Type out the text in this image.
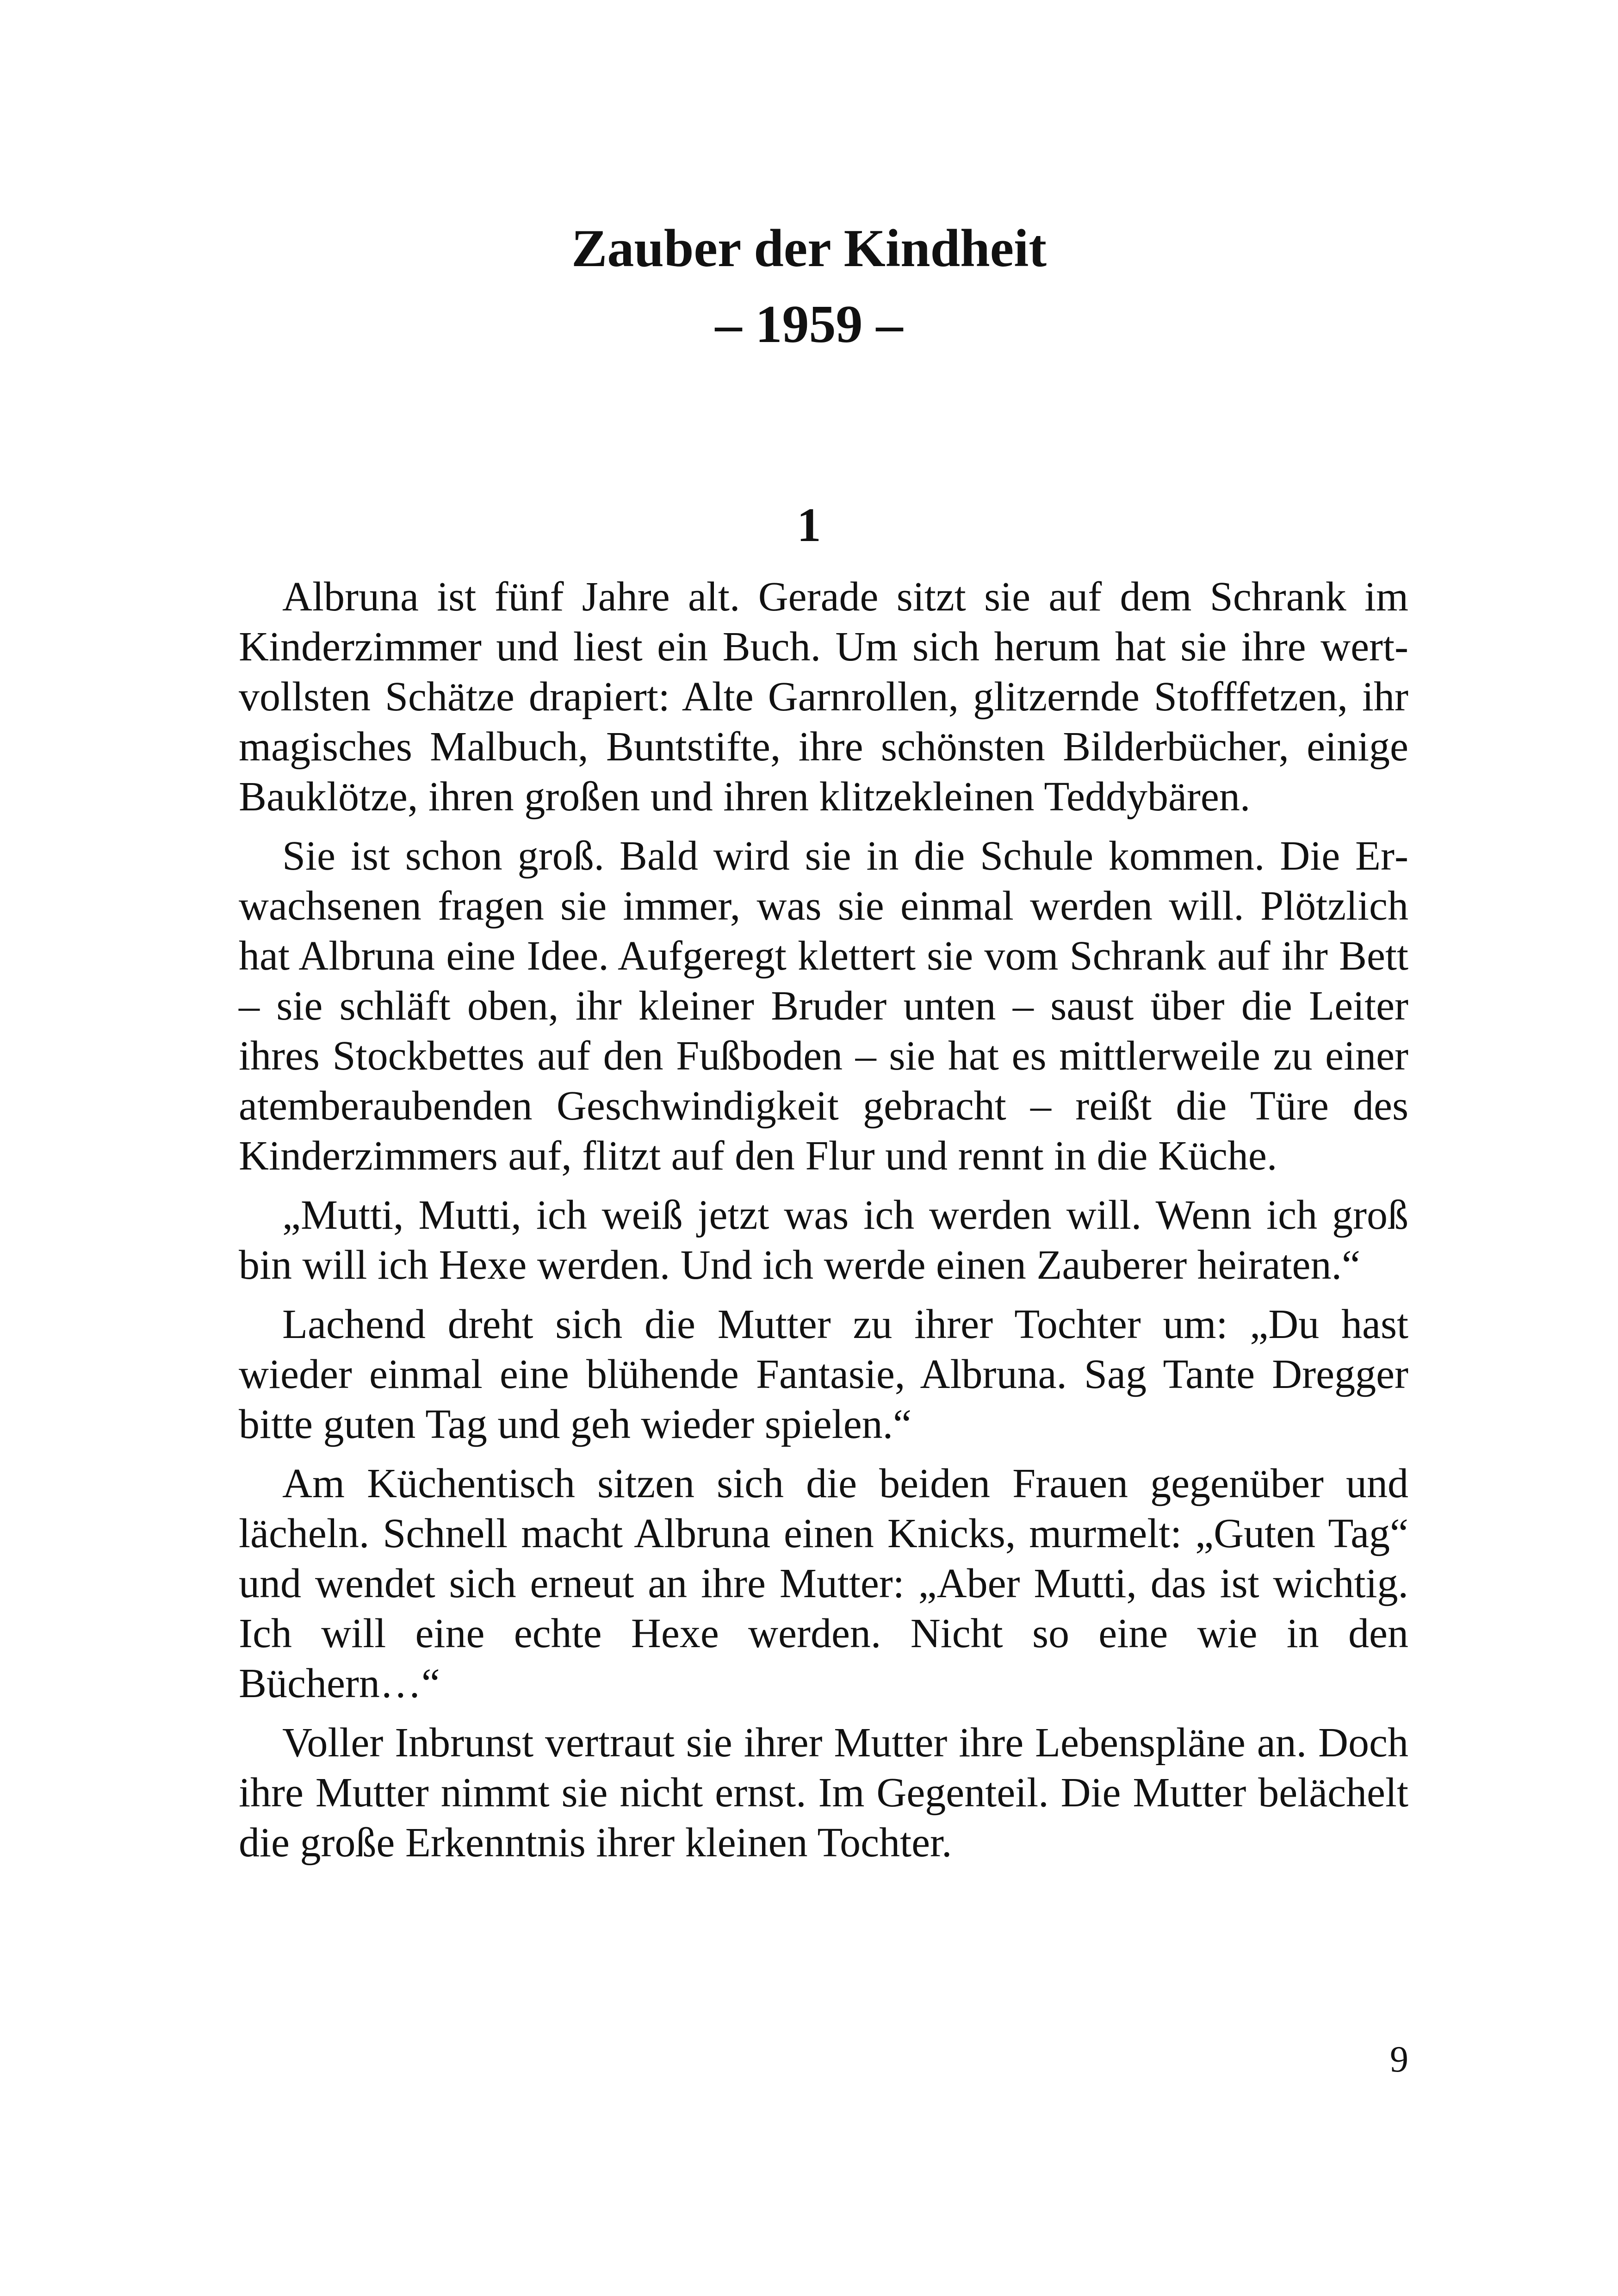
Zauber der Kindheit
– 1959 –
1

Albruna ist fünf Jahre alt. Gerade sitzt sie auf dem Schrank im Kinderzimmer und liest ein Buch. Um sich herum hat sie ihre wertvollsten Schätze drapiert: Alte Garnrollen, glitzernde Stofffetzen, ihr magisches Malbuch, Buntstifte, ihre schönsten Bilderbücher, einige Bauklötze, ihren großen und ihren klitzekleinen Teddybären.

Sie ist schon groß. Bald wird sie in die Schule kommen. Die Erwachsenen fragen sie immer, was sie einmal werden will. Plötzlich hat Albruna eine Idee. Aufgeregt klettert sie vom Schrank auf ihr Bett – sie schläft oben, ihr kleiner Bruder unten – saust über die Leiter ihres Stockbettes auf den Fußboden – sie hat es mittlerweile zu einer atemberaubenden Geschwindigkeit gebracht – reißt die Türe des Kinderzimmers auf, flitzt auf den Flur und rennt in die Küche.

„Mutti, Mutti, ich weiß jetzt was ich werden will. Wenn ich groß bin will ich Hexe werden. Und ich werde einen Zauberer heiraten.“

Lachend dreht sich die Mutter zu ihrer Tochter um: „Du hast wieder einmal eine blühende Fantasie, Albruna. Sag Tante Dregger bitte guten Tag und geh wieder spielen.“

Am Küchentisch sitzen sich die beiden Frauen gegenüber und lächeln. Schnell macht Albruna einen Knicks, murmelt: „Guten Tag“ und wendet sich erneut an ihre Mutter: „Aber Mutti, das ist wichtig. Ich will eine echte Hexe werden. Nicht so eine wie in den Büchern…“

Voller Inbrunst vertraut sie ihrer Mutter ihre Lebenspläne an. Doch ihre Mutter nimmt sie nicht ernst. Im Gegenteil. Die Mutter belächelt die große Erkenntnis ihrer kleinen Tochter.

9
